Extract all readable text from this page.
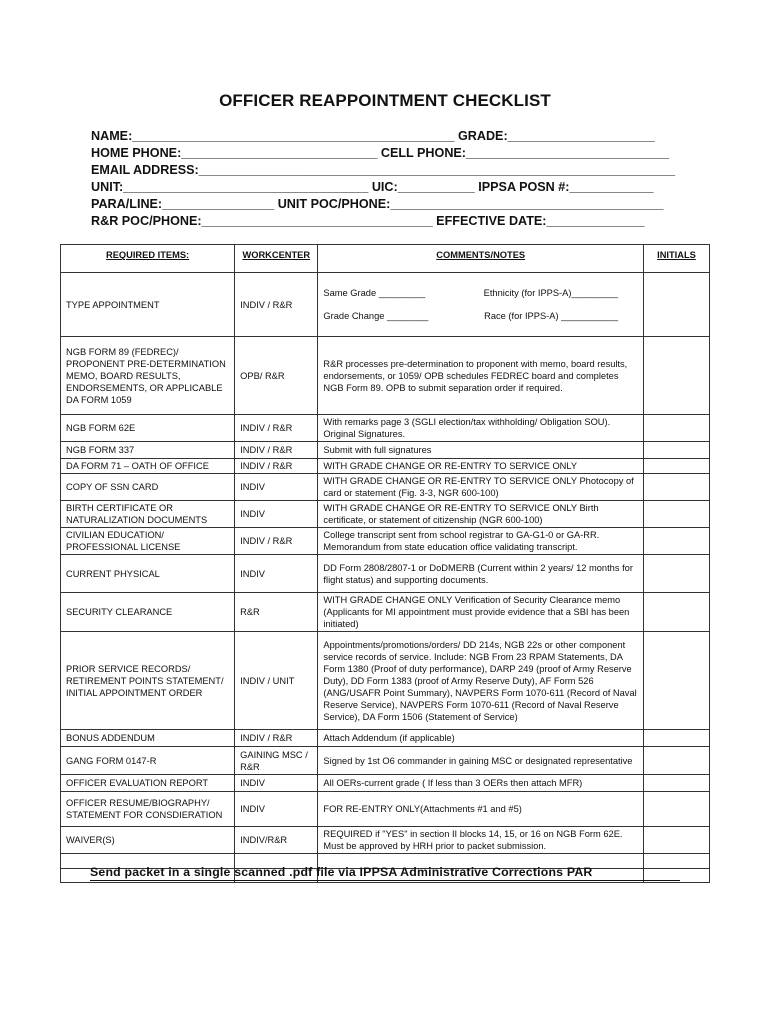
OFFICER REAPPOINTMENT CHECKLIST
NAME:______________________________________________ GRADE:_____________________
HOME PHONE:____________________________ CELL PHONE:_____________________________
EMAIL ADDRESS:____________________________________________________________________
UNIT:___________________________________ UIC:___________ IPPSA POSN #:____________
PARA/LINE:________________ UNIT POC/PHONE:_______________________________________
R&R POC/PHONE:_________________________________ EFFECTIVE DATE:______________
REQUIRED ITEMS:	WORKCENTER	COMMENTS/NOTES	INITIALS
TYPE APPOINTMENT	INDIV / R&R	Same Grade _________ Ethnicity (for IPPS-A)_________
Grade Change ________ Race (for IPPS-A) ___________	

NGB FORM 89 (FEDREC)/ PROPONENT PRE-DETERMINATION MEMO, BOARD RESULTS, ENDORSEMENTS, OR APPLICABLE DA FORM 1059	OPB/ R&R	R&R processes pre-determination to proponent with memo, board results, endorsements, or 1059/ OPB schedules FEDREC board and completes NGB Form 89. OPB to submit separation order if required.	
NGB FORM 62E	INDIV / R&R	With remarks page 3 (SGLI election/tax withholding/ Obligation SOU). Original Signatures.	
NGB FORM 337	INDIV / R&R	Submit with full signatures	
DA FORM 71 – OATH OF OFFICE	INDIV / R&R	WITH GRADE CHANGE OR RE-ENTRY TO SERVICE ONLY	
COPY OF SSN CARD	INDIV	WITH GRADE CHANGE OR RE-ENTRY TO SERVICE ONLY Photocopy of card or statement (Fig. 3-3, NGR 600-100)	
BIRTH CERTIFICATE OR NATURALIZATION DOCUMENTS	INDIV	WITH GRADE CHANGE OR RE-ENTRY TO SERVICE ONLY Birth certificate, or statement of citizenship (NGR 600-100)	
CIVILIAN EDUCATION/ PROFESSIONAL LICENSE	INDIV / R&R	College transcript sent from school registrar to GA-G1-0 or GA-RR. Memorandum from state education office validating transcript.	
CURRENT PHYSICAL	INDIV	DD Form 2808/2807-1 or DoDMERB (Current within 2 years/ 12 months for flight status) and supporting documents.	
SECURITY CLEARANCE	R&R	WITH GRADE CHANGE ONLY Verification of Security Clearance memo (Applicants for MI appointment must provide evidence that a SBI has been initiated)	
PRIOR SERVICE RECORDS/ RETIREMENT POINTS STATEMENT/ INITIAL APPOINTMENT ORDER	INDIV / UNIT	Appointments/promotions/orders/ DD 214s, NGB 22s or other component service records of service. Include: NGB From 23 RPAM Statements, DA Form 1380 (Proof of duty performance), DARP 249 (proof of Army Reserve Duty), DD Form 1383 (proof of Army Reserve Duty), AF Form 526 (ANG/USAFR Point Summary), NAVPERS Form 1070-611 (Record of Naval Reserve Service), NAVPERS Form 1070-611 (Record of Naval Reserve Service), DA Form 1506 (Statement of Service)	
BONUS ADDENDUM	INDIV / R&R	Attach Addendum (if applicable)	
GANG FORM 0147-R	GAINING MSC / R&R	Signed by 1st O6 commander in gaining MSC or designated representative	
OFFICER EVALUATION REPORT	INDIV	All OERs-current grade ( If less than 3 OERs then attach MFR)	
OFFICER RESUME/BIOGRAPHY/ STATEMENT FOR CONSDIERATION	INDIV	FOR RE-ENTRY ONLY(Attachments #1 and #5)	
WAIVER(S)	INDIV/R&R	REQUIRED if "YES" in section II blocks 14, 15, or 16 on NGB Form 62E. Must be approved by HRH prior to packet submission.	

Send packet in a single scanned .pdf file via IPPSA Administrative Corrections PAR
